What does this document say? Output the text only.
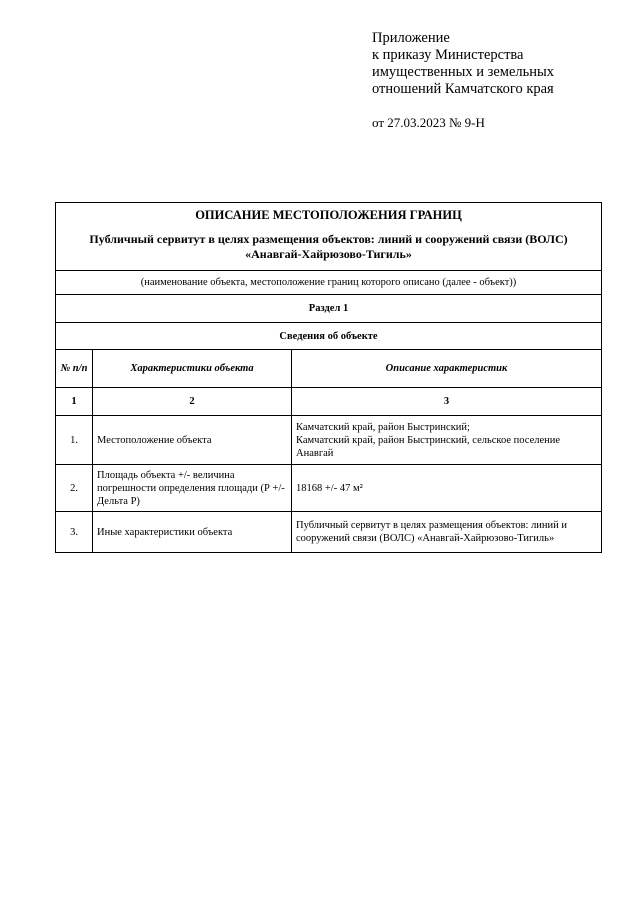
Приложение
к приказу Министерства
имущественных и земельных
отношений Камчатского края
от 27.03.2023 № 9-Н
ОПИСАНИЕ МЕСТОПОЛОЖЕНИЯ ГРАНИЦ
Публичный сервитут в целях размещения объектов: линий и сооружений связи (ВОЛС)
«Анавгай-Хайрюзово-Тигиль»		

(наименование объекта, местоположение границ которого описано (далее - объект))		
Раздел 1		
Сведения об объекте		
№ п/п	Характеристики объекта	Описание характеристик
1	2	3
1.	Местоположение объекта	Камчатский край, район Быстринский;
Камчатский край, район Быстринский, сельское поселение Анавгай

2.	Площадь объекта +/- величина погрешности определения площади (Р +/- Дельта Р)	18168 +/- 47 м²
3.	Иные характеристики объекта	Публичный сервитут в целях размещения объектов: линий и сооружений связи (ВОЛС) «Анавгай-Хайрюзово-Тигиль»
